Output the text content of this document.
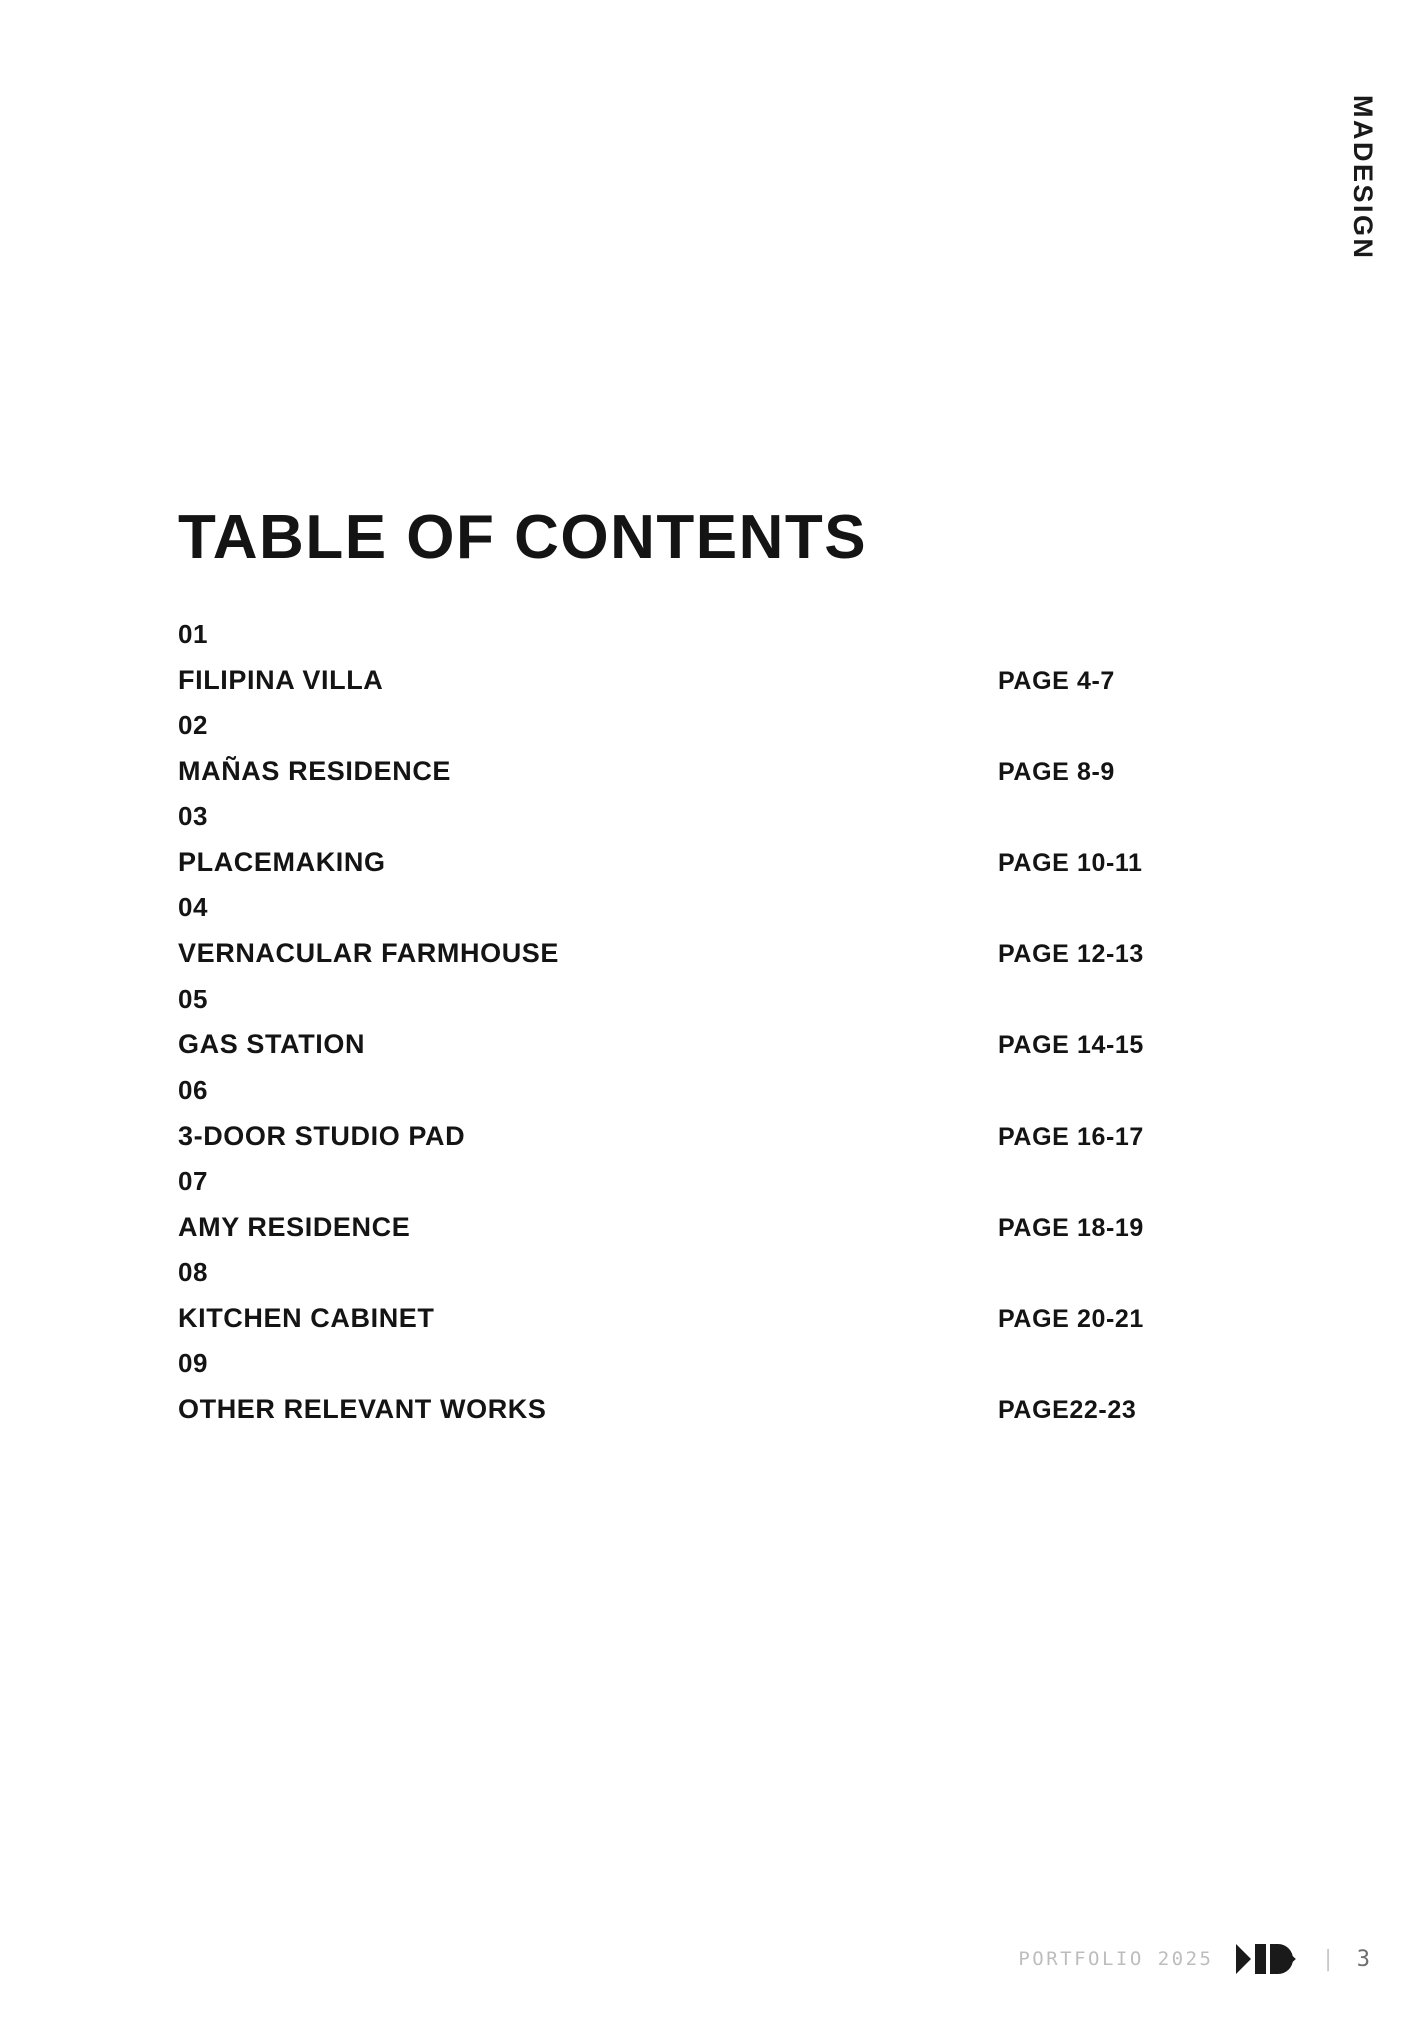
MADESIGN
TABLE OF CONTENTS
01
FILIPINA VILLA	PAGE 4-7
02
MAÑAS RESIDENCE	PAGE 8-9
03
PLACEMAKING	PAGE 10-11
04
VERNACULAR FARMHOUSE	PAGE 12-13
05
GAS STATION	PAGE 14-15
06
3-DOOR STUDIO PAD	PAGE 16-17
07
AMY RESIDENCE	PAGE 18-19
08
KITCHEN CABINET	PAGE 20-21
09
OTHER RELEVANT WORKS	PAGE22-23
PORTFOLIO 2025	| 3
